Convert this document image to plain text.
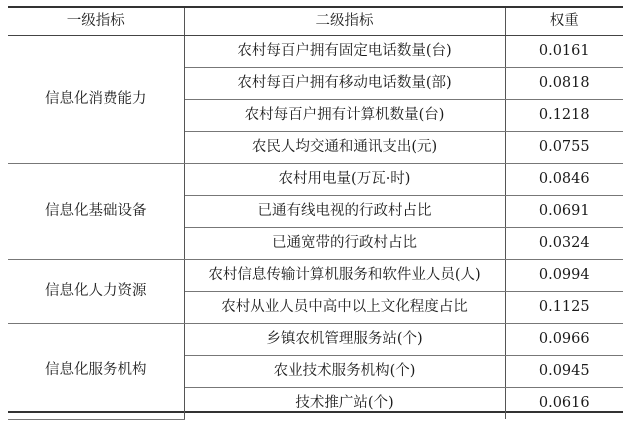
一级指标	二级指标	权重
信息化消费能力	农村每百户拥有固定电话数量(台)	0.0161
	农村每百户拥有移动电话数量(部)	0.0818
	农村每百户拥有计算机数量(台)	0.1218
	农民人均交通和通讯支出(元)	0.0755
信息化基础设备	农村用电量(万瓦·时)	0.0846
	已通有线电视的行政村占比	0.0691
	已通宽带的行政村占比	0.0324
信息化人力资源	农村信息传输计算机服务和软件业人员(人)	0.0994
	农村从业人员中高中以上文化程度占比	0.1125
信息化服务机构	乡镇农机管理服务站(个)	0.0966
	农业技术服务机构(个)	0.0945
	技术推广站(个)	0.0616
